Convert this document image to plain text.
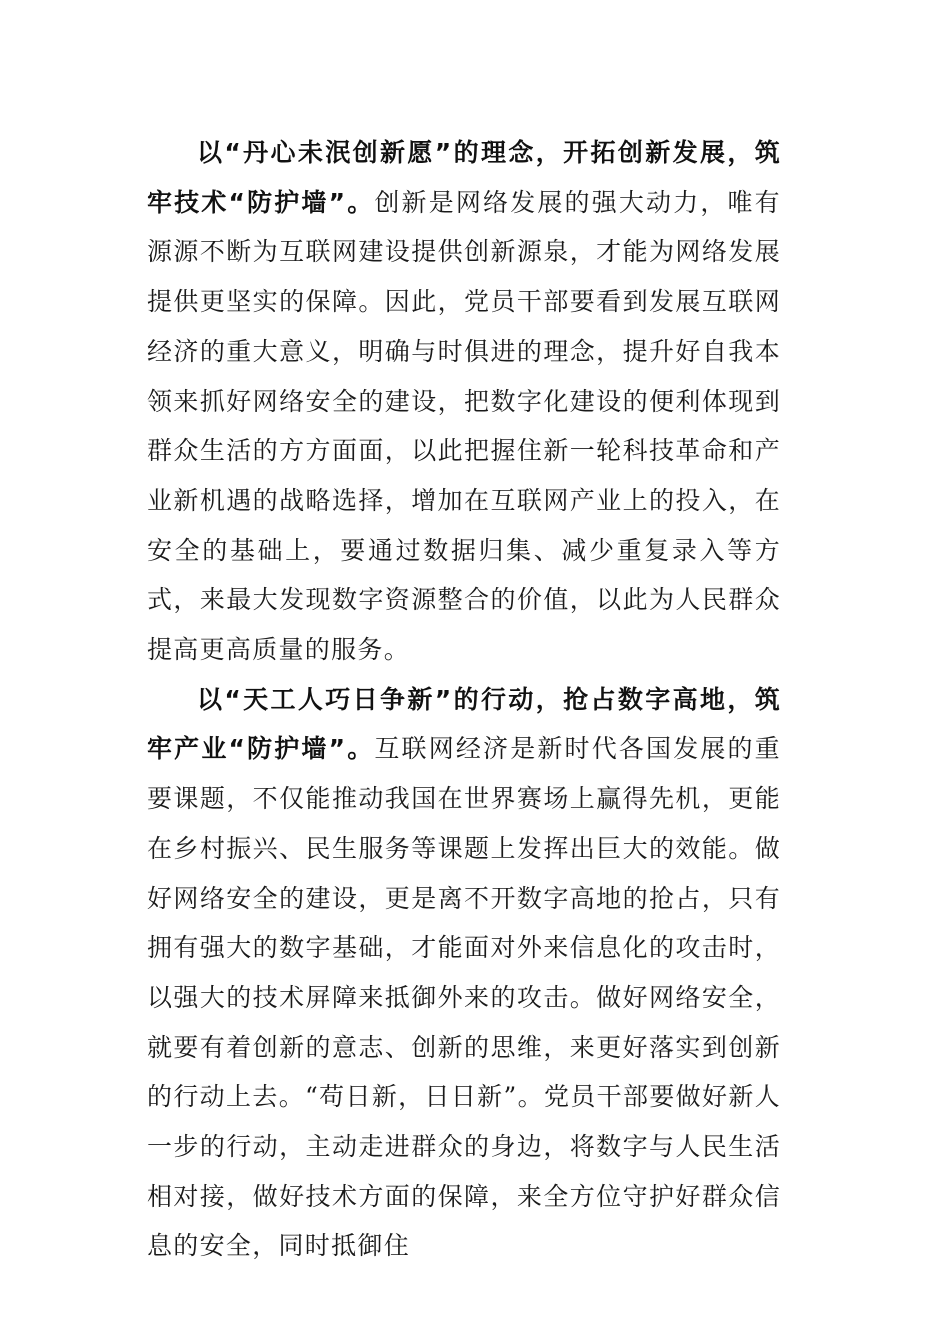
以“丹心未泯创新愿”的理念，开拓创新发展，筑牢技术“防护墙”。创新是网络发展的强大动力，唯有源源不断为互联网建设提供创新源泉，才能为网络发展提供更坚实的保障。因此，党员干部要看到发展互联网经济的重大意义，明确与时俱进的理念，提升好自我本领来抓好网络安全的建设，把数字化建设的便利体现到群众生活的方方面面，以此把握住新一轮科技革命和产业新机遇的战略选择，增加在互联网产业上的投入，在安全的基础上，要通过数据归集、减少重复录入等方式，来最大发现数字资源整合的价值，以此为人民群众提高更高质量的服务。

以“天工人巧日争新”的行动，抢占数字高地，筑牢产业“防护墙”。互联网经济是新时代各国发展的重要课题，不仅能推动我国在世界赛场上赢得先机，更能在乡村振兴、民生服务等课题上发挥出巨大的效能。做好网络安全的建设，更是离不开数字高地的抢占，只有拥有强大的数字基础，才能面对外来信息化的攻击时，以强大的技术屏障来抵御外来的攻击。做好网络安全，就要有着创新的意志、创新的思维，来更好落实到创新的行动上去。“苟日新，日日新”。党员干部要做好新人一步的行动，主动走进群众的身边，将数字与人民生活相对接，做好技术方面的保障，来全方位守护好群众信息的安全，同时抵御住
